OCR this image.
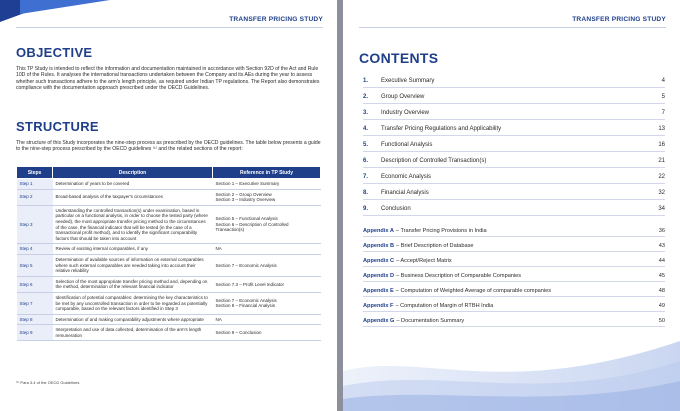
TRANSFER PRICING STUDY
OBJECTIVE

This TP Study is intended to reflect the information and documentation maintained in accordance with Section 92D of the Act and Rule 10D of the Rules. It analyses the international transactions undertaken between the Company and its AEs during the year to assess whether such transactions adhere to the arm's length principle, as required under Indian TP regulations. The Report also demonstrates compliance with the documentation approach prescribed under the OECD Guidelines.

STRUCTURE

The structure of this Study incorporates the nine-step process as prescribed by the OECD guidelines. The table below presents a guide to the nine-step process prescribed by the OECD guidelines ⁽¹⁾ and the related sections of the report:

Steps	Description	Reference in TP Study
Step 1	Determination of years to be covered	Section 1 – Executive Summary
Step 2	Broad-based analysis of the taxpayer's circumstances	Section 2 – Group Overview
Section 3 – Industry Overview
Step 3	Understanding the controlled transaction(s) under examination, based in particular on a functional analysis, in order to choose the tested party (where needed), the most appropriate transfer pricing method to the circumstances of the case, the financial indicator that will be tested (in the case of a transactional profit method), and to identify the significant comparability factors that should be taken into account	Section 5 – Functional Analysis
Section 6 – Description of Controlled Transaction(s)
Step 4	Review of existing internal comparables, if any	NA
Step 5	Determination of available sources of information on external comparables where such external comparables are needed taking into account their relative reliability	Section 7 – Economic Analysis
Step 6	Selection of the most appropriate transfer pricing method and, depending on the method, determination of the relevant financial indicator	Section 7.3 – Profit Level Indicator
Step 7	Identification of potential comparables: determining the key characteristics to be met by any uncontrolled transaction in order to be regarded as potentially comparable, based on the relevant factors identified in Step 3	Section 7 – Economic Analysis
Section 8 – Financial Analysis
Step 8	Determination of and making comparability adjustments where appropriate	NA
Step 9	Interpretation and use of data collected, determination of the arm's length remuneration	Section 9 – Conclusion
⁽¹⁾ Para 3.4 of the OECD Guidelines
TRANSFER PRICING STUDY
CONTENTS
1.	Executive Summary	4
2.	Group Overview	5
3.	Industry Overview	7
4.	Transfer Pricing Regulations and Applicability	13
5.	Functional Analysis	16
6.	Description of Controlled Transaction(s)	21
7.	Economic Analysis	22
8.	Financial Analysis	32
9.	Conclusion	34
Appendix A – Transfer Pricing Provisions in India	36
Appendix B – Brief Description of Database	43
Appendix C – Accept/Reject Matrix	44
Appendix D – Business Description of Comparable Companies	45
Appendix E – Computation of Weighted Average of comparable companies	48
Appendix F – Computation of Margin of RTBH India	49
Appendix G – Documentation Summary	50
